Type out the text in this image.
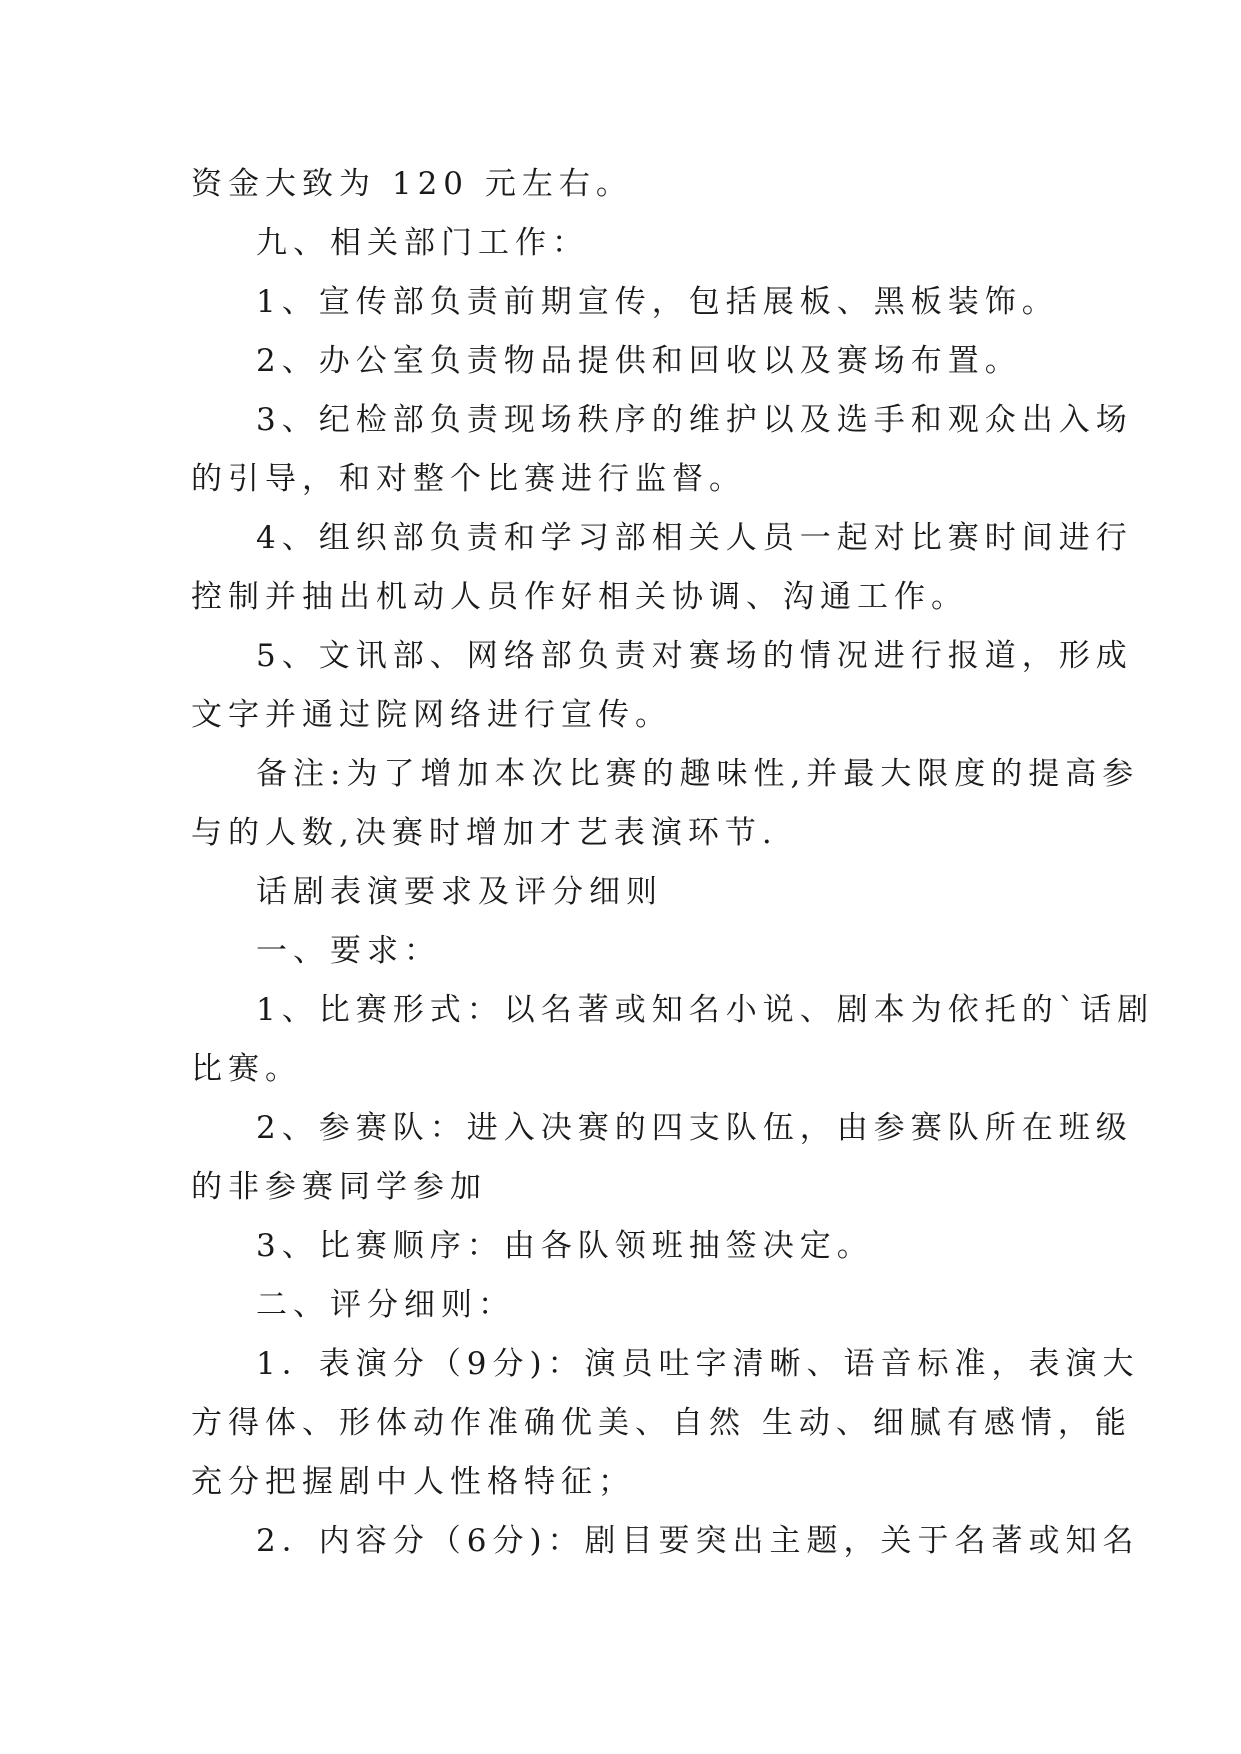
资金大致为 120 元左右。
九、相关部门工作：
1、宣传部负责前期宣传，包括展板、黑板装饰。
2、办公室负责物品提供和回收以及赛场布置。
3、纪检部负责现场秩序的维护以及选手和观众出入场
的引导，和对整个比赛进行监督。
4、组织部负责和学习部相关人员一起对比赛时间进行
控制并抽出机动人员作好相关协调、沟通工作。
5、文讯部、网络部负责对赛场的情况进行报道，形成
文字并通过院网络进行宣传。
备注:为了增加本次比赛的趣味性,并最大限度的提高参
与的人数,决赛时增加才艺表演环节.
话剧表演要求及评分细则
一、要求：
1、比赛形式：以名著或知名小说、剧本为依托的`话剧
比赛。
2、参赛队：进入决赛的四支队伍，由参赛队所在班级
的非参赛同学参加
3、比赛顺序：由各队领班抽签决定。
二、评分细则：
1．表演分（9分)：演员吐字清晰、语音标准，表演大
方得体、形体动作准确优美、自然 生动、细腻有感情，能
充分把握剧中人性格特征；
2．内容分（6分)：剧目要突出主题，关于名著或知名
